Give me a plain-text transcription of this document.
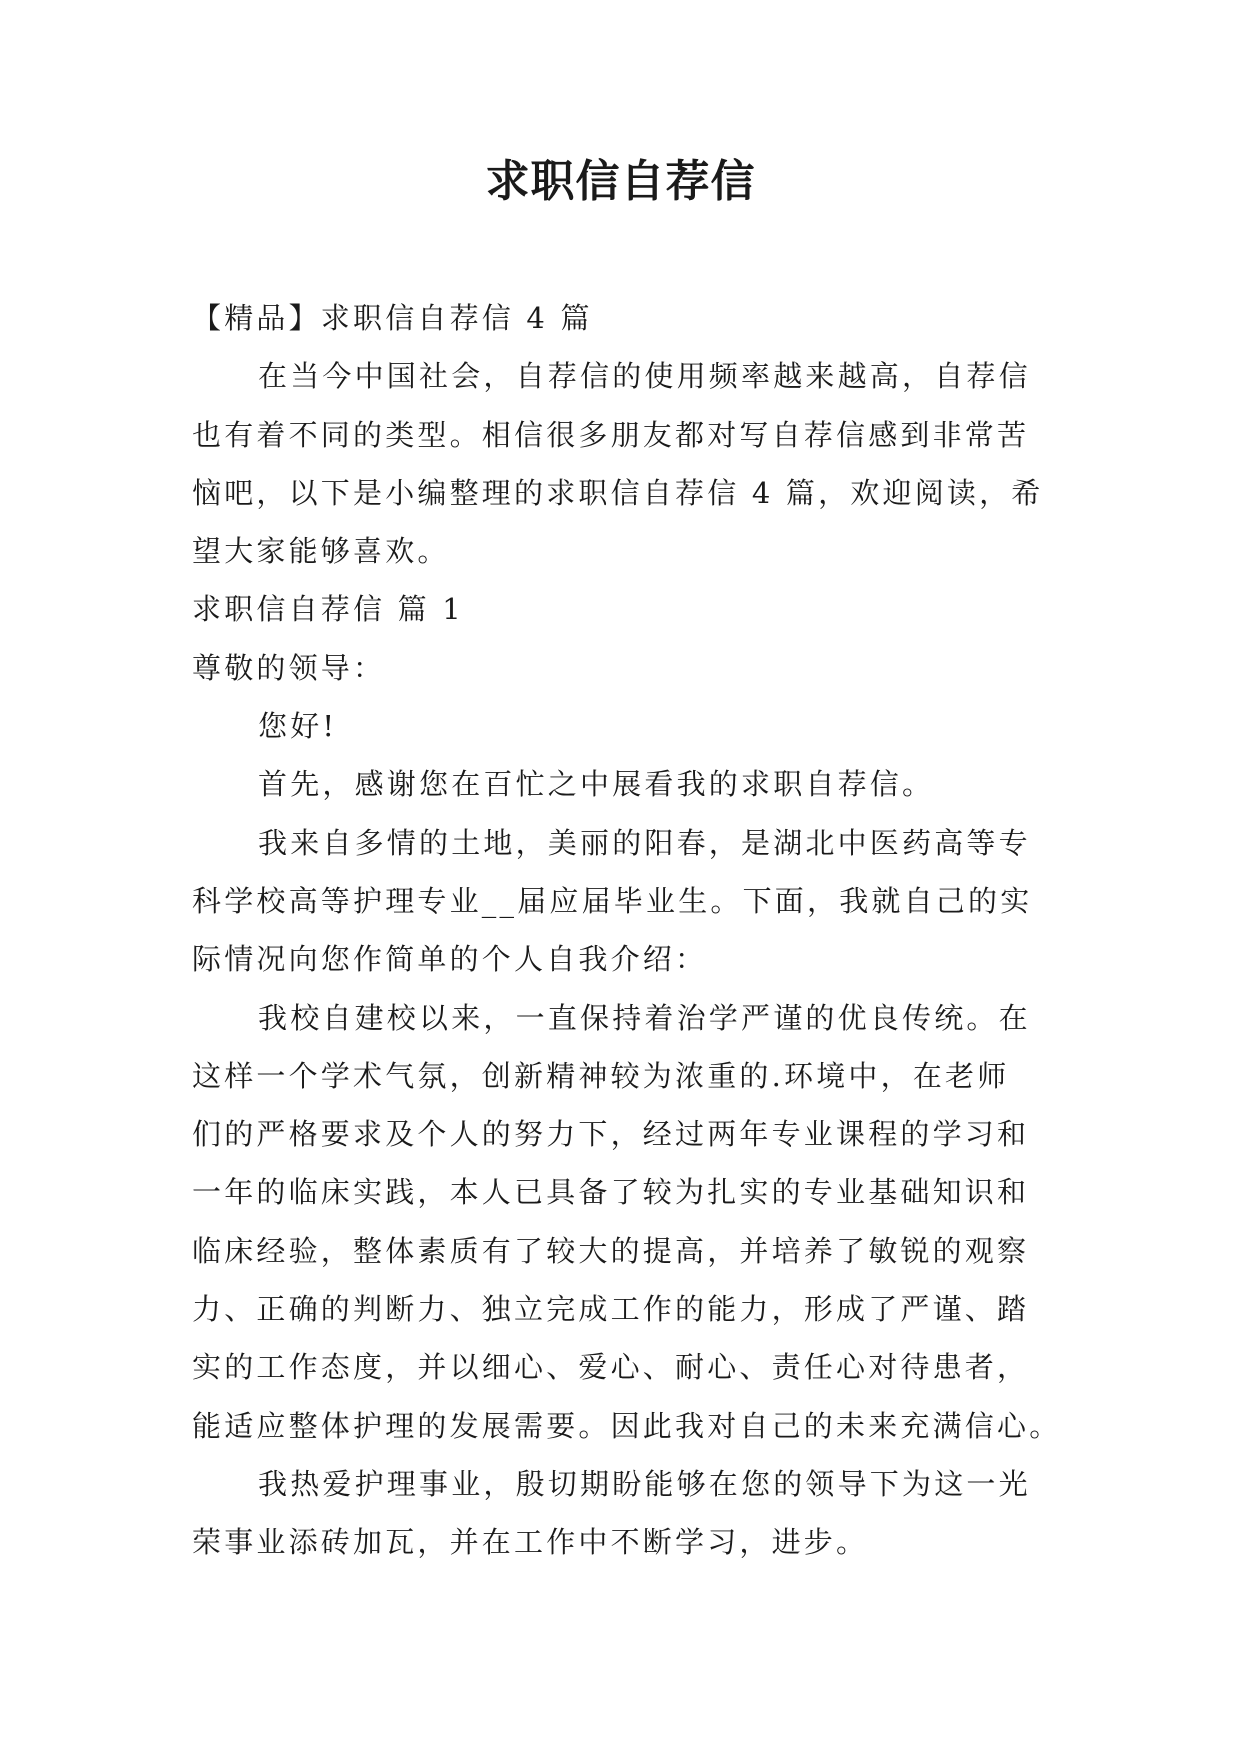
求职信自荐信
【精品】求职信自荐信 4 篇
在当今中国社会，自荐信的使用频率越来越高，自荐信
也有着不同的类型。相信很多朋友都对写自荐信感到非常苦
恼吧，以下是小编整理的求职信自荐信 4 篇，欢迎阅读，希
望大家能够喜欢。
求职信自荐信 篇 1
尊敬的领导：
您好!
首先，感谢您在百忙之中展看我的求职自荐信。
我来自多情的土地，美丽的阳春，是湖北中医药高等专
科学校高等护理专业__届应届毕业生。下面，我就自己的实
际情况向您作简单的个人自我介绍：
我校自建校以来，一直保持着治学严谨的优良传统。在
这样一个学术气氛，创新精神较为浓重的.环境中，在老师
们的严格要求及个人的努力下，经过两年专业课程的学习和
一年的临床实践，本人已具备了较为扎实的专业基础知识和
临床经验，整体素质有了较大的提高，并培养了敏锐的观察
力、正确的判断力、独立完成工作的能力，形成了严谨、踏
实的工作态度，并以细心、爱心、耐心、责任心对待患者，
能适应整体护理的发展需要。因此我对自己的未来充满信心。
我热爱护理事业，殷切期盼能够在您的领导下为这一光
荣事业添砖加瓦，并在工作中不断学习，进步。
